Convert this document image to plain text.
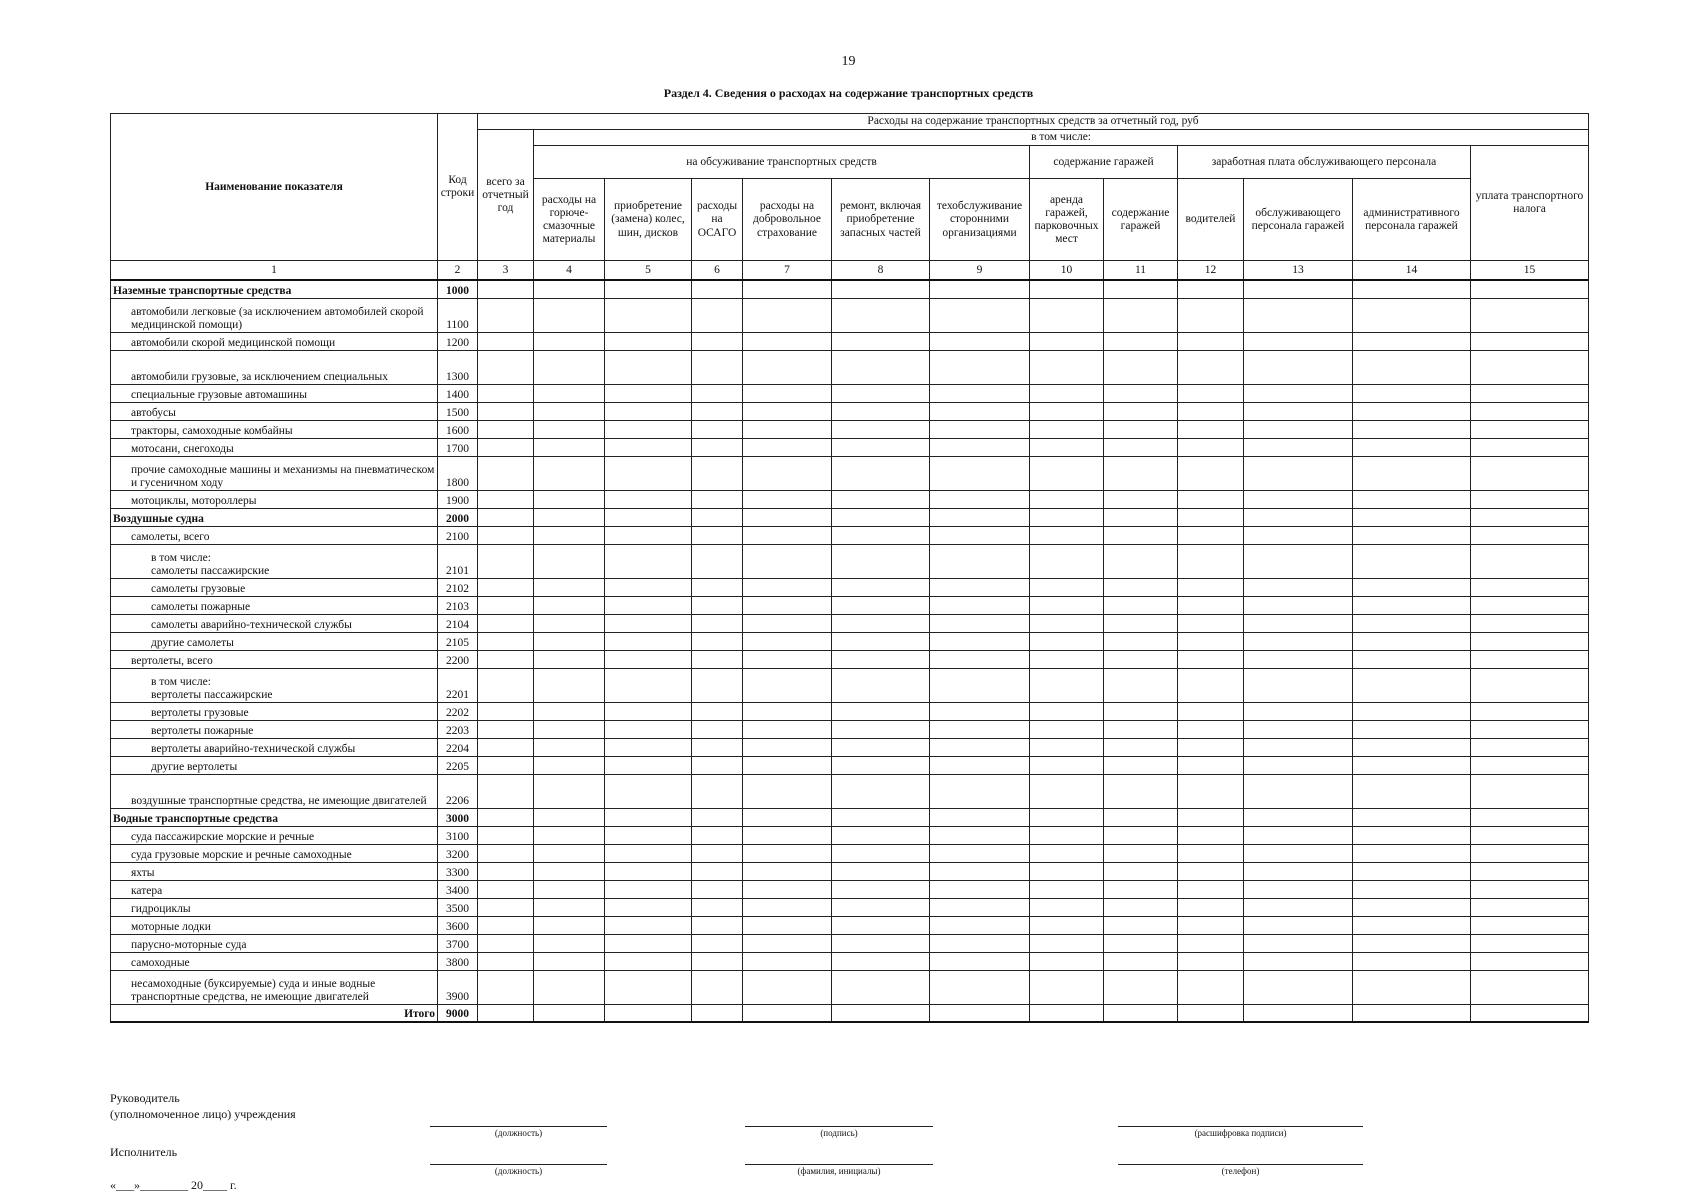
19
Раздел 4. Сведения о расходах на содержание транспортных средств
Наименование показателя	Код строки	Расходы на содержание транспортных средств за отчетный год, руб												
		всего за отчетный год	в том числе:											
			на обсуживание транспортных средств						содержание гаражей		заработная плата обслуживающего персонала			уплата транспортного налога
			расходы на горюче-смазочные материалы	приобретение (замена) колес, шин, дисков	расходы на ОСАГО	расходы на добровольное страхование	ремонт, включая приобретение запасных частей	техобслуживание сторонними организациями	аренда гаражей, парковочных мест	содержание гаражей	водителей	обслуживающего персонала гаражей	административного персонала гаражей	
1	2	3	4	5	6	7	8	9	10	11	12	13	14	15
Наземные транспортные средства	1000													
автомобили легковые (за исключением автомобилей скорой медицинской помощи)	1100													
автомобили скорой медицинской помощи	1200													
автомобили грузовые, за исключением специальных	1300													
специальные грузовые автомашины	1400													
автобусы	1500													
тракторы, самоходные комбайны	1600													
мотосани, снегоходы	1700													
прочие самоходные машины и механизмы на пневматическом и гусеничном ходу	1800													
мотоциклы, мотороллеры	1900													
Воздушные судна	2000													
самолеты, всего	2100													
в том числе:
самолеты пассажирские	2101													
самолеты грузовые	2102													
самолеты пожарные	2103													
самолеты аварийно-технической службы	2104													
другие самолеты	2105													
вертолеты, всего	2200													
в том числе:
вертолеты пассажирские	2201													
вертолеты грузовые	2202													
вертолеты пожарные	2203													
вертолеты аварийно-технической службы	2204													
другие вертолеты	2205													
воздушные транспортные средства, не имеющие двигателей	2206													
Водные транспортные средства	3000													
суда пассажирские морские и речные	3100													
суда грузовые морские и речные самоходные	3200													
яхты	3300													
катера	3400													
гидроциклы	3500													
моторные лодки	3600													
парусно-моторные суда	3700													
самоходные	3800													
несамоходные (буксируемые) суда и иные водные транспортные средства, не имеющие двигателей	3900													
Итого	9000													
Руководитель
(уполномоченное лицо) учреждения
(должность)	(подпись)	(расшифровка подписи)
Исполнитель
(должность)	(фамилия, инициалы)	(телефон)
«___»________ 20____ г.
